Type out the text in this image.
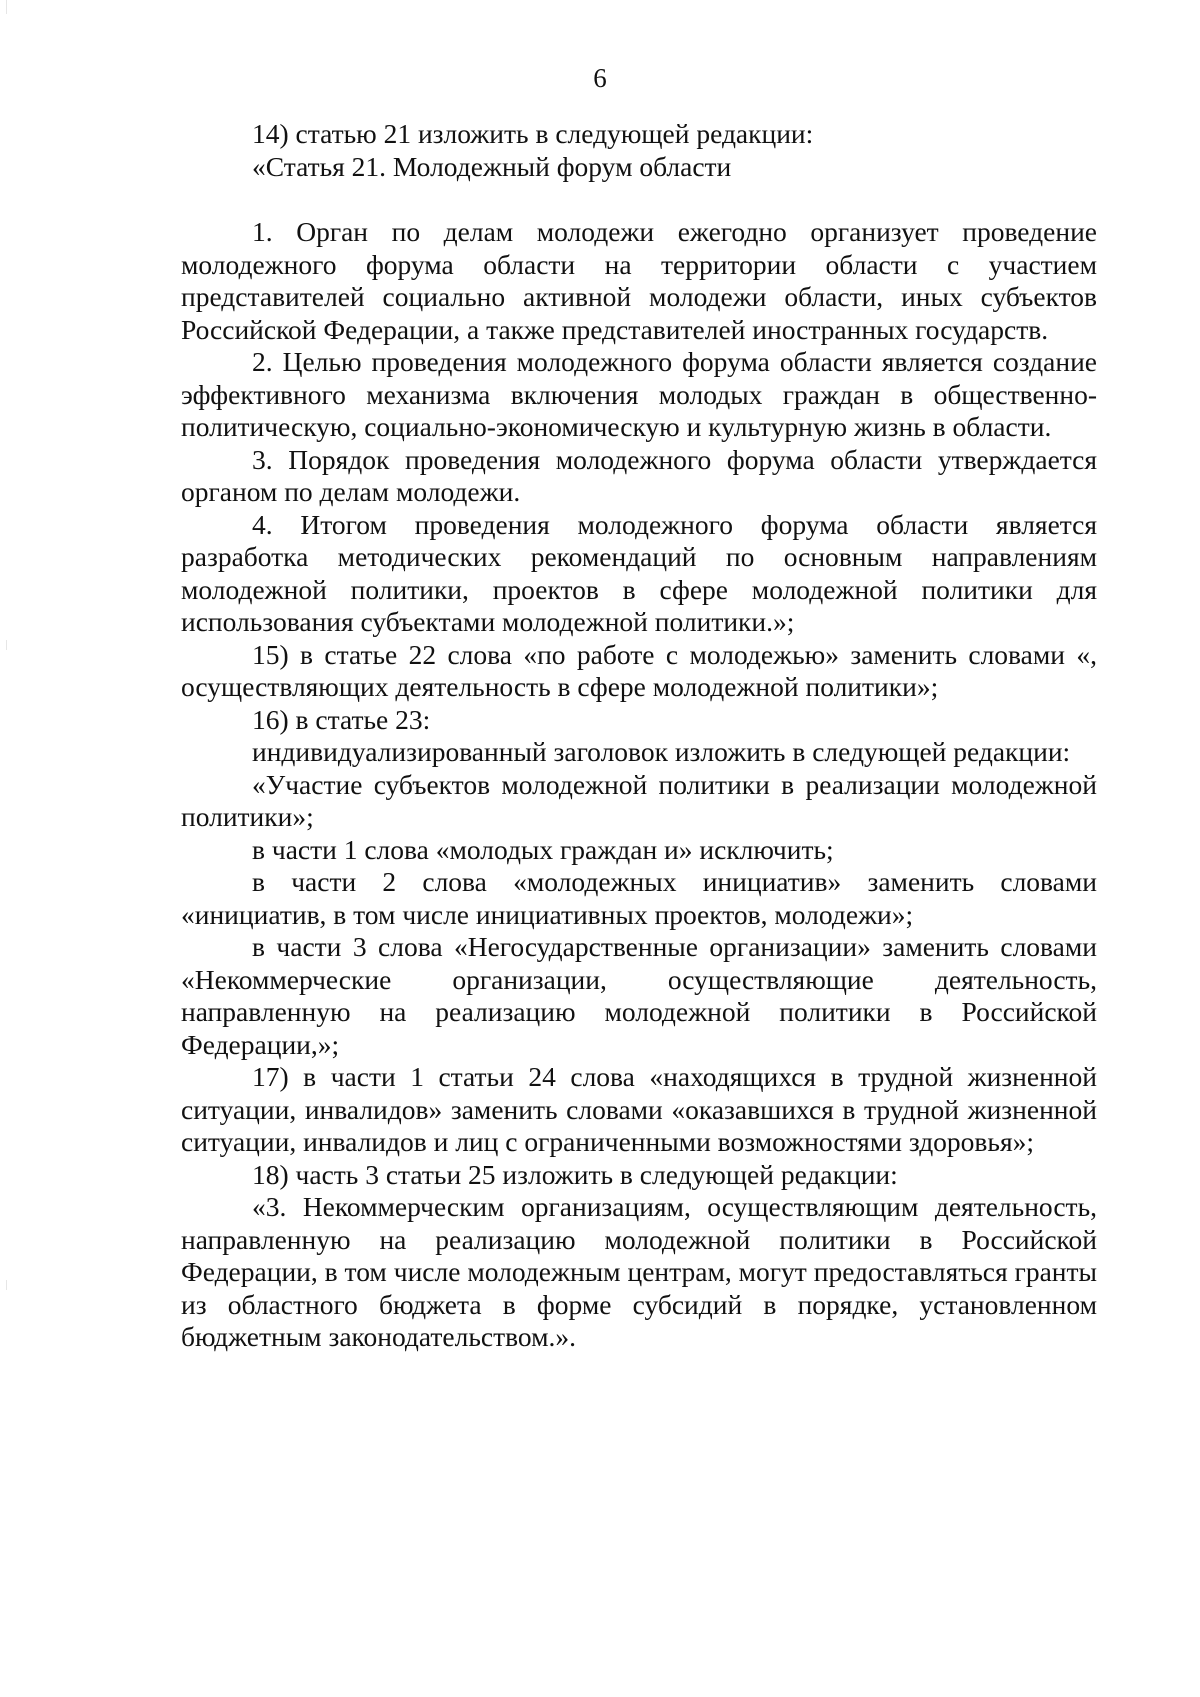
6

14) статью 21 изложить в следующей редакции:

«Статья 21. Молодежный форум области

1. Орган по делам молодежи ежегодно организует проведение молодежного форума области на территории области с участием представителей социально активной молодежи области, иных субъектов Российской Федерации, а также представителей иностранных государств.

2. Целью проведения молодежного форума области является создание эффективного механизма включения молодых граждан в общественно-политическую, социально-экономическую и культурную жизнь в области.

3. Порядок проведения молодежного форума области утверждается органом по делам молодежи.

4. Итогом проведения молодежного форума области является разработка методических рекомендаций по основным направлениям молодежной политики, проектов в сфере молодежной политики для использования субъектами молодежной политики.»;

15) в статье 22 слова «по работе с молодежью» заменить словами «, осуществляющих деятельность в сфере молодежной политики»;

16) в статье 23:

индивидуализированный заголовок изложить в следующей редакции:

«Участие субъектов молодежной политики в реализации молодежной политики»;

в части 1 слова «молодых граждан и» исключить;

в части 2 слова «молодежных инициатив» заменить словами «инициатив, в том числе инициативных проектов, молодежи»;

в части 3 слова «Негосударственные организации» заменить словами «Некоммерческие организации, осуществляющие деятельность, направленную на реализацию молодежной политики в Российской Федерации,»;

17) в части 1 статьи 24 слова «находящихся в трудной жизненной ситуации, инвалидов» заменить словами «оказавшихся в трудной жизненной ситуации, инвалидов и лиц с ограниченными возможностями здоровья»;

18) часть 3 статьи 25 изложить в следующей редакции:

«3. Некоммерческим организациям, осуществляющим деятельность, направленную на реализацию молодежной политики в Российской Федерации, в том числе молодежным центрам, могут предоставляться гранты из областного бюджета в форме субсидий в порядке, установленном бюджетным законодательством.».
